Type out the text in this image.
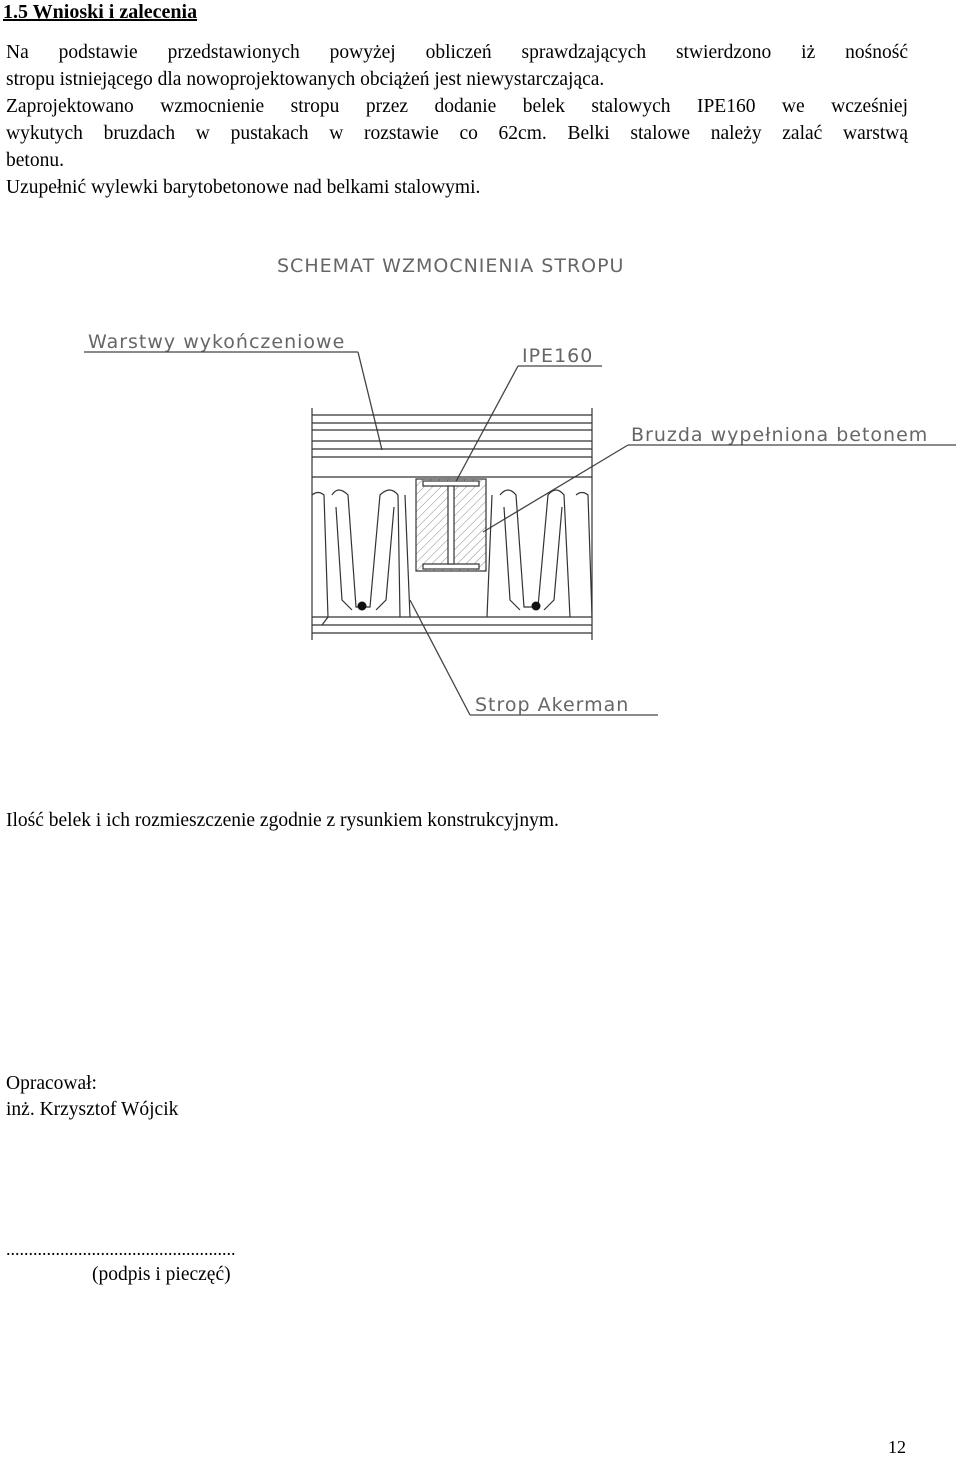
1.5 Wnioski i zalecenia
Na podstawie przedstawionych powyżej obliczeń sprawdzających stwierdzono iż nośność
stropu istniejącego dla nowoprojektowanych obciążeń jest niewystarczająca.
Zaprojektowano wzmocnienie stropu przez dodanie belek stalowych IPE160 we wcześniej
wykutych bruzdach w pustakach w rozstawie co 62cm. Belki stalowe należy zalać warstwą
betonu.
Uzupełnić wylewki barytobetonowe nad belkami stalowymi.
SCHEMAT WZMOCNIENIA STROPU
Warstwy wykończeniowe
IPE160
Bruzda wypełniona betonem
Strop Akerman
Ilość belek i ich rozmieszczenie zgodnie z rysunkiem konstrukcyjnym.
Opracował:
inż. Krzysztof Wójcik
...................................................
(podpis i pieczęć)
12
